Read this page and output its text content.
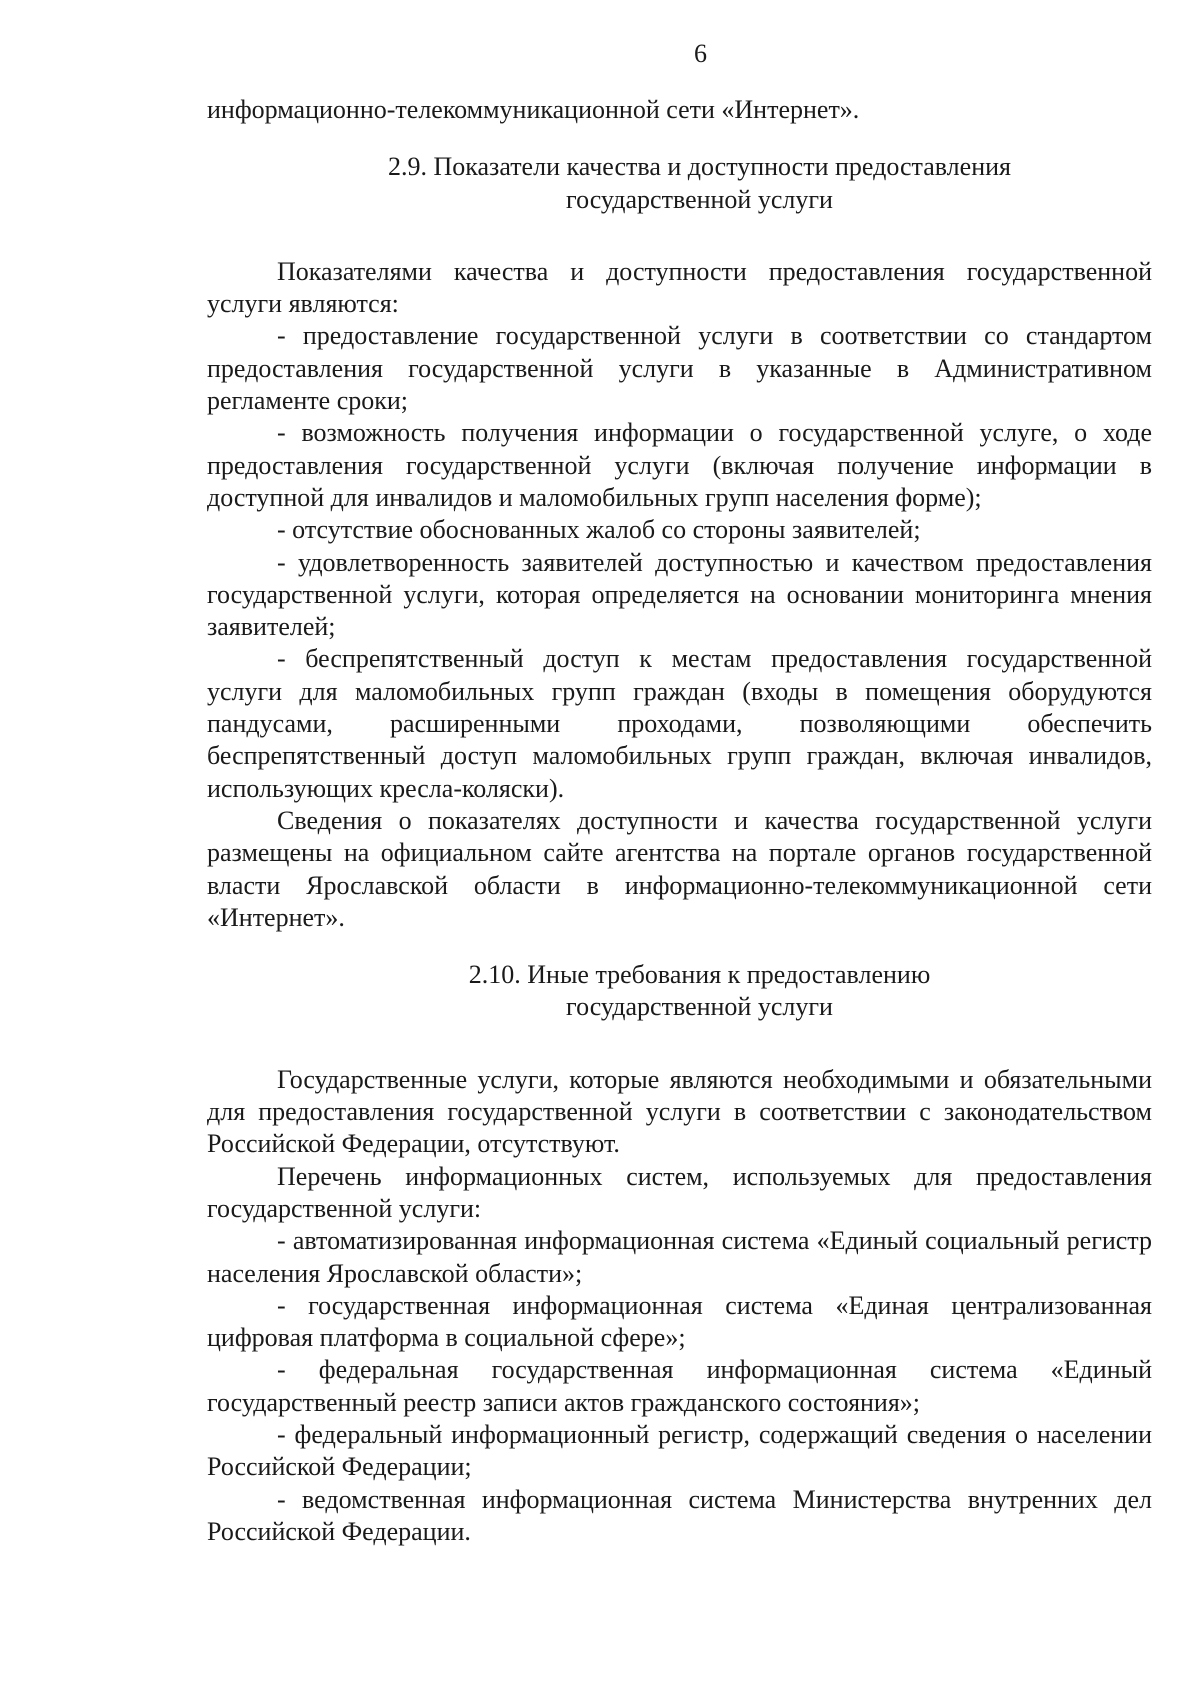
6

информационно-телекоммуникационной сети «Интернет».

2.9. Показатели качества и доступности предоставления
государственной услуги

Показателями качества и доступности предоставления государственной услуги являются:

- предоставление государственной услуги в соответствии со стандартом предоставления государственной услуги в указанные в Административном регламенте сроки;

- возможность получения информации о государственной услуге, о ходе предоставления государственной услуги (включая получение информации в доступной для инвалидов и маломобильных групп населения форме);

- отсутствие обоснованных жалоб со стороны заявителей;

- удовлетворенность заявителей доступностью и качеством предоставления государственной услуги, которая определяется на основании мониторинга мнения заявителей;

- беспрепятственный доступ к местам предоставления государственной услуги для маломобильных групп граждан (входы в помещения оборудуются пандусами, расширенными проходами, позволяющими обеспечить беспрепятственный доступ маломобильных групп граждан, включая инвалидов, использующих кресла-коляски).

Сведения о показателях доступности и качества государственной услуги размещены на официальном сайте агентства на портале органов государственной власти Ярославской области в информационно-телекоммуникационной сети «Интернет».

2.10. Иные требования к предоставлению
государственной услуги

Государственные услуги, которые являются необходимыми и обязательными для предоставления государственной услуги в соответствии с законодательством Российской Федерации, отсутствуют.

Перечень информационных систем, используемых для предоставления государственной услуги:

- автоматизированная информационная система «Единый социальный регистр населения Ярославской области»;

- государственная информационная система «Единая централизованная цифровая платформа в социальной сфере»;

- федеральная государственная информационная система «Единый государственный реестр записи актов гражданского состояния»;

- федеральный информационный регистр, содержащий сведения о населении Российской Федерации;

- ведомственная информационная система Министерства внутренних дел Российской Федерации.
